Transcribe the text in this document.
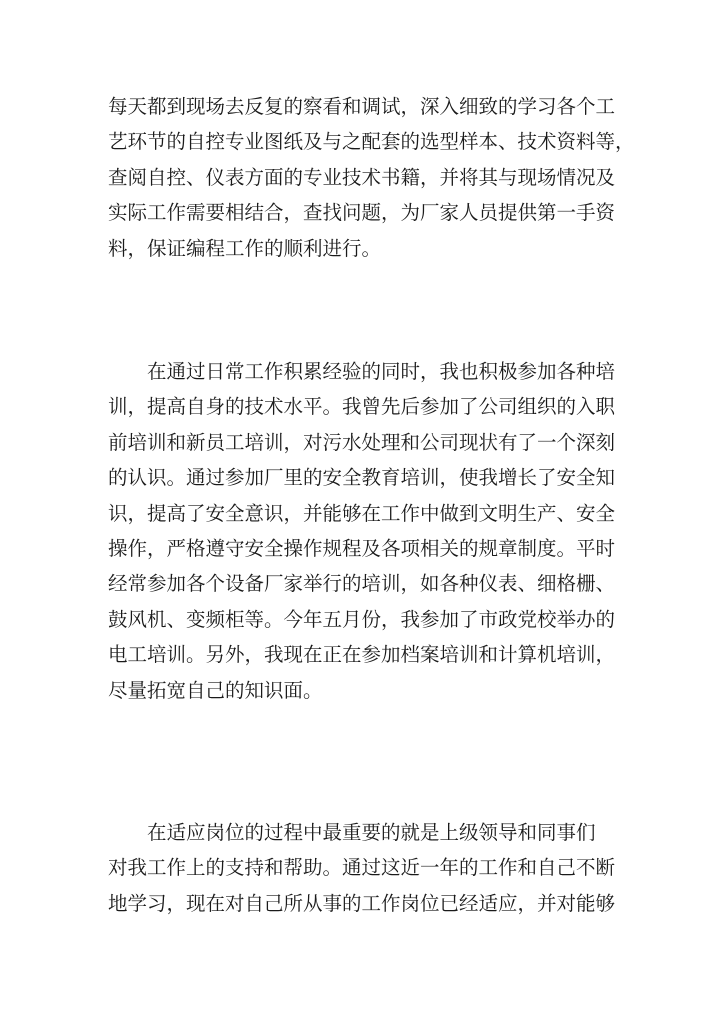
每天都到现场去反复的察看和调试，深入细致的学习各个工
艺环节的自控专业图纸及与之配套的选型样本、技术资料等，
查阅自控、仪表方面的专业技术书籍，并将其与现场情况及
实际工作需要相结合，查找问题，为厂家人员提供第一手资
料，保证编程工作的顺利进行。
　　在通过日常工作积累经验的同时，我也积极参加各种培
训，提高自身的技术水平。我曾先后参加了公司组织的入职
前培训和新员工培训，对污水处理和公司现状有了一个深刻
的认识。通过参加厂里的安全教育培训，使我增长了安全知
识，提高了安全意识，并能够在工作中做到文明生产、安全
操作，严格遵守安全操作规程及各项相关的规章制度。平时
经常参加各个设备厂家举行的培训，如各种仪表、细格栅、
鼓风机、变频柜等。今年五月份，我参加了市政党校举办的
电工培训。另外，我现在正在参加档案培训和计算机培训，
尽量拓宽自己的知识面。
　　在适应岗位的过程中最重要的就是上级领导和同事们
对我工作上的支持和帮助。通过这近一年的工作和自己不断
地学习，现在对自己所从事的工作岗位已经适应，并对能够
